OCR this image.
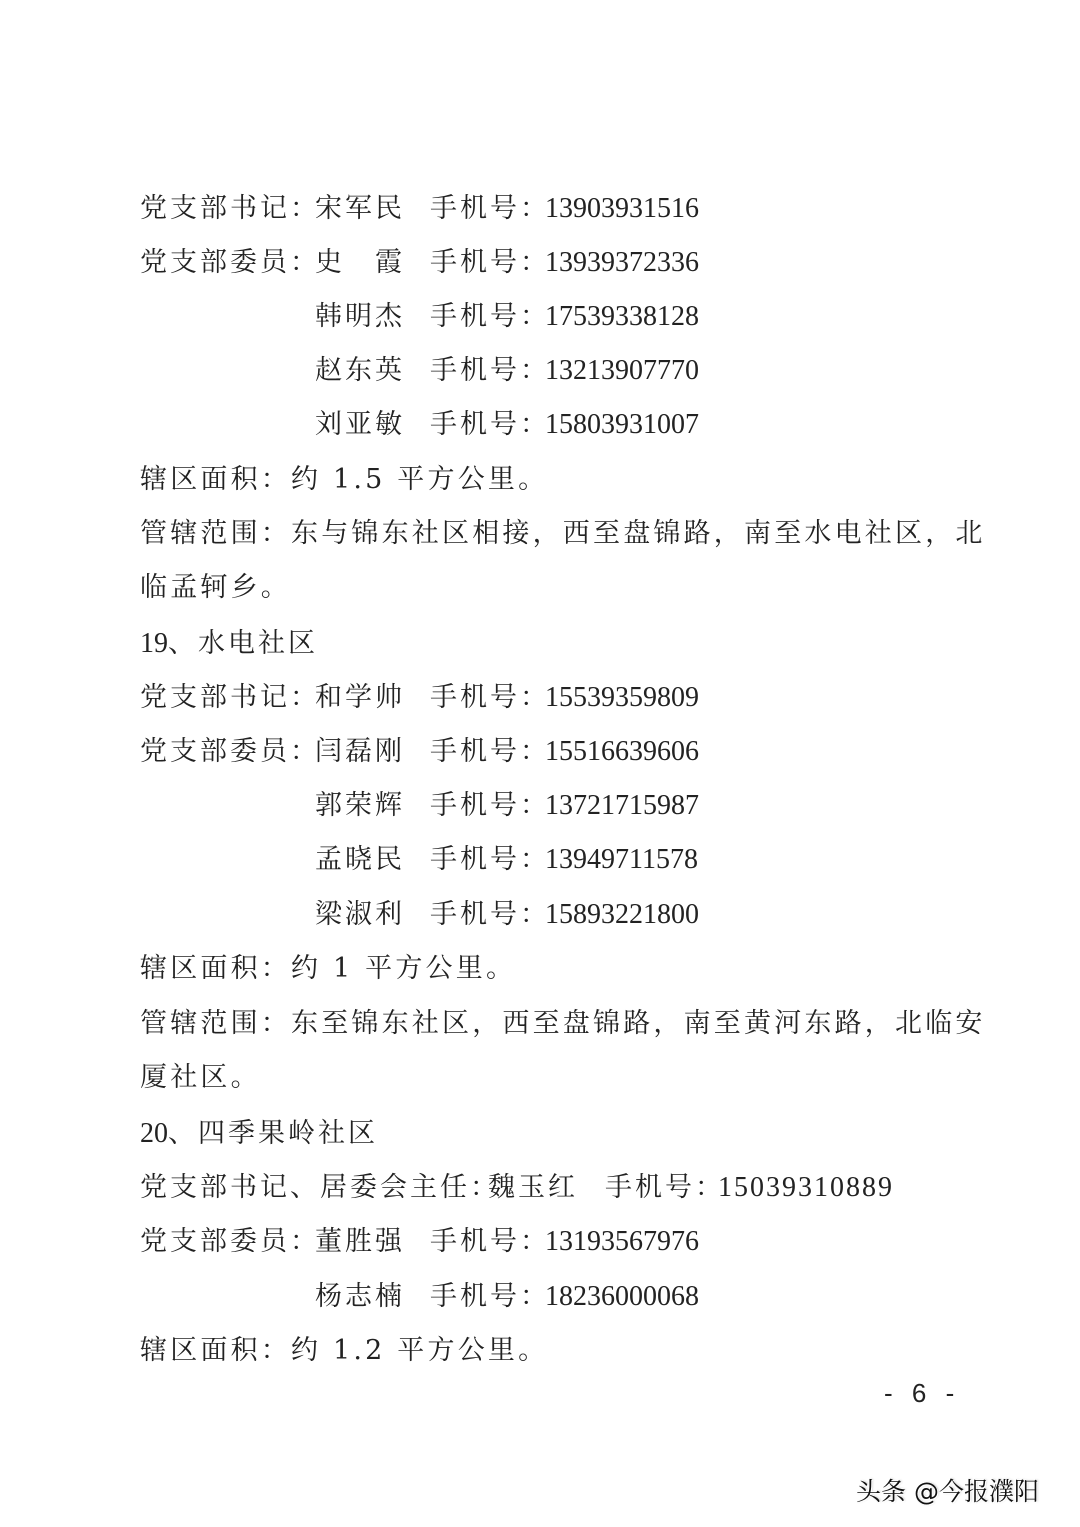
党支部书记：
宋军民 手机号：
13903931516
党支部委员：
史　霞 手机号：
13939372336
韩明杰 手机号：
17539338128
赵东英 手机号：
13213907770
刘亚敏 手机号：
15803931007
辖区面积：约 1.5 平方公里。
管辖范围：东与锦东社区相接，西至盘锦路，南至水电社区，北
临孟轲乡。
19、水电社区
党支部书记：
和学帅 手机号：
15539359809
党支部委员：
闫磊刚 手机号：
15516639606
郭荣辉 手机号：
13721715987
孟晓民 手机号：
13949711578
梁淑利 手机号：
15893221800
辖区面积：约 1 平方公里。
管辖范围：东至锦东社区，西至盘锦路，南至黄河东路，北临安
厦社区。
20、四季果岭社区
党支部书记、居委会主任：
魏玉红 手机号：
15039310889
党支部委员：
董胜强 手机号：
13193567976
杨志楠 手机号：
18236000068
辖区面积：约 1.2 平方公里。
- 6 -
头条 @今报濮阳
